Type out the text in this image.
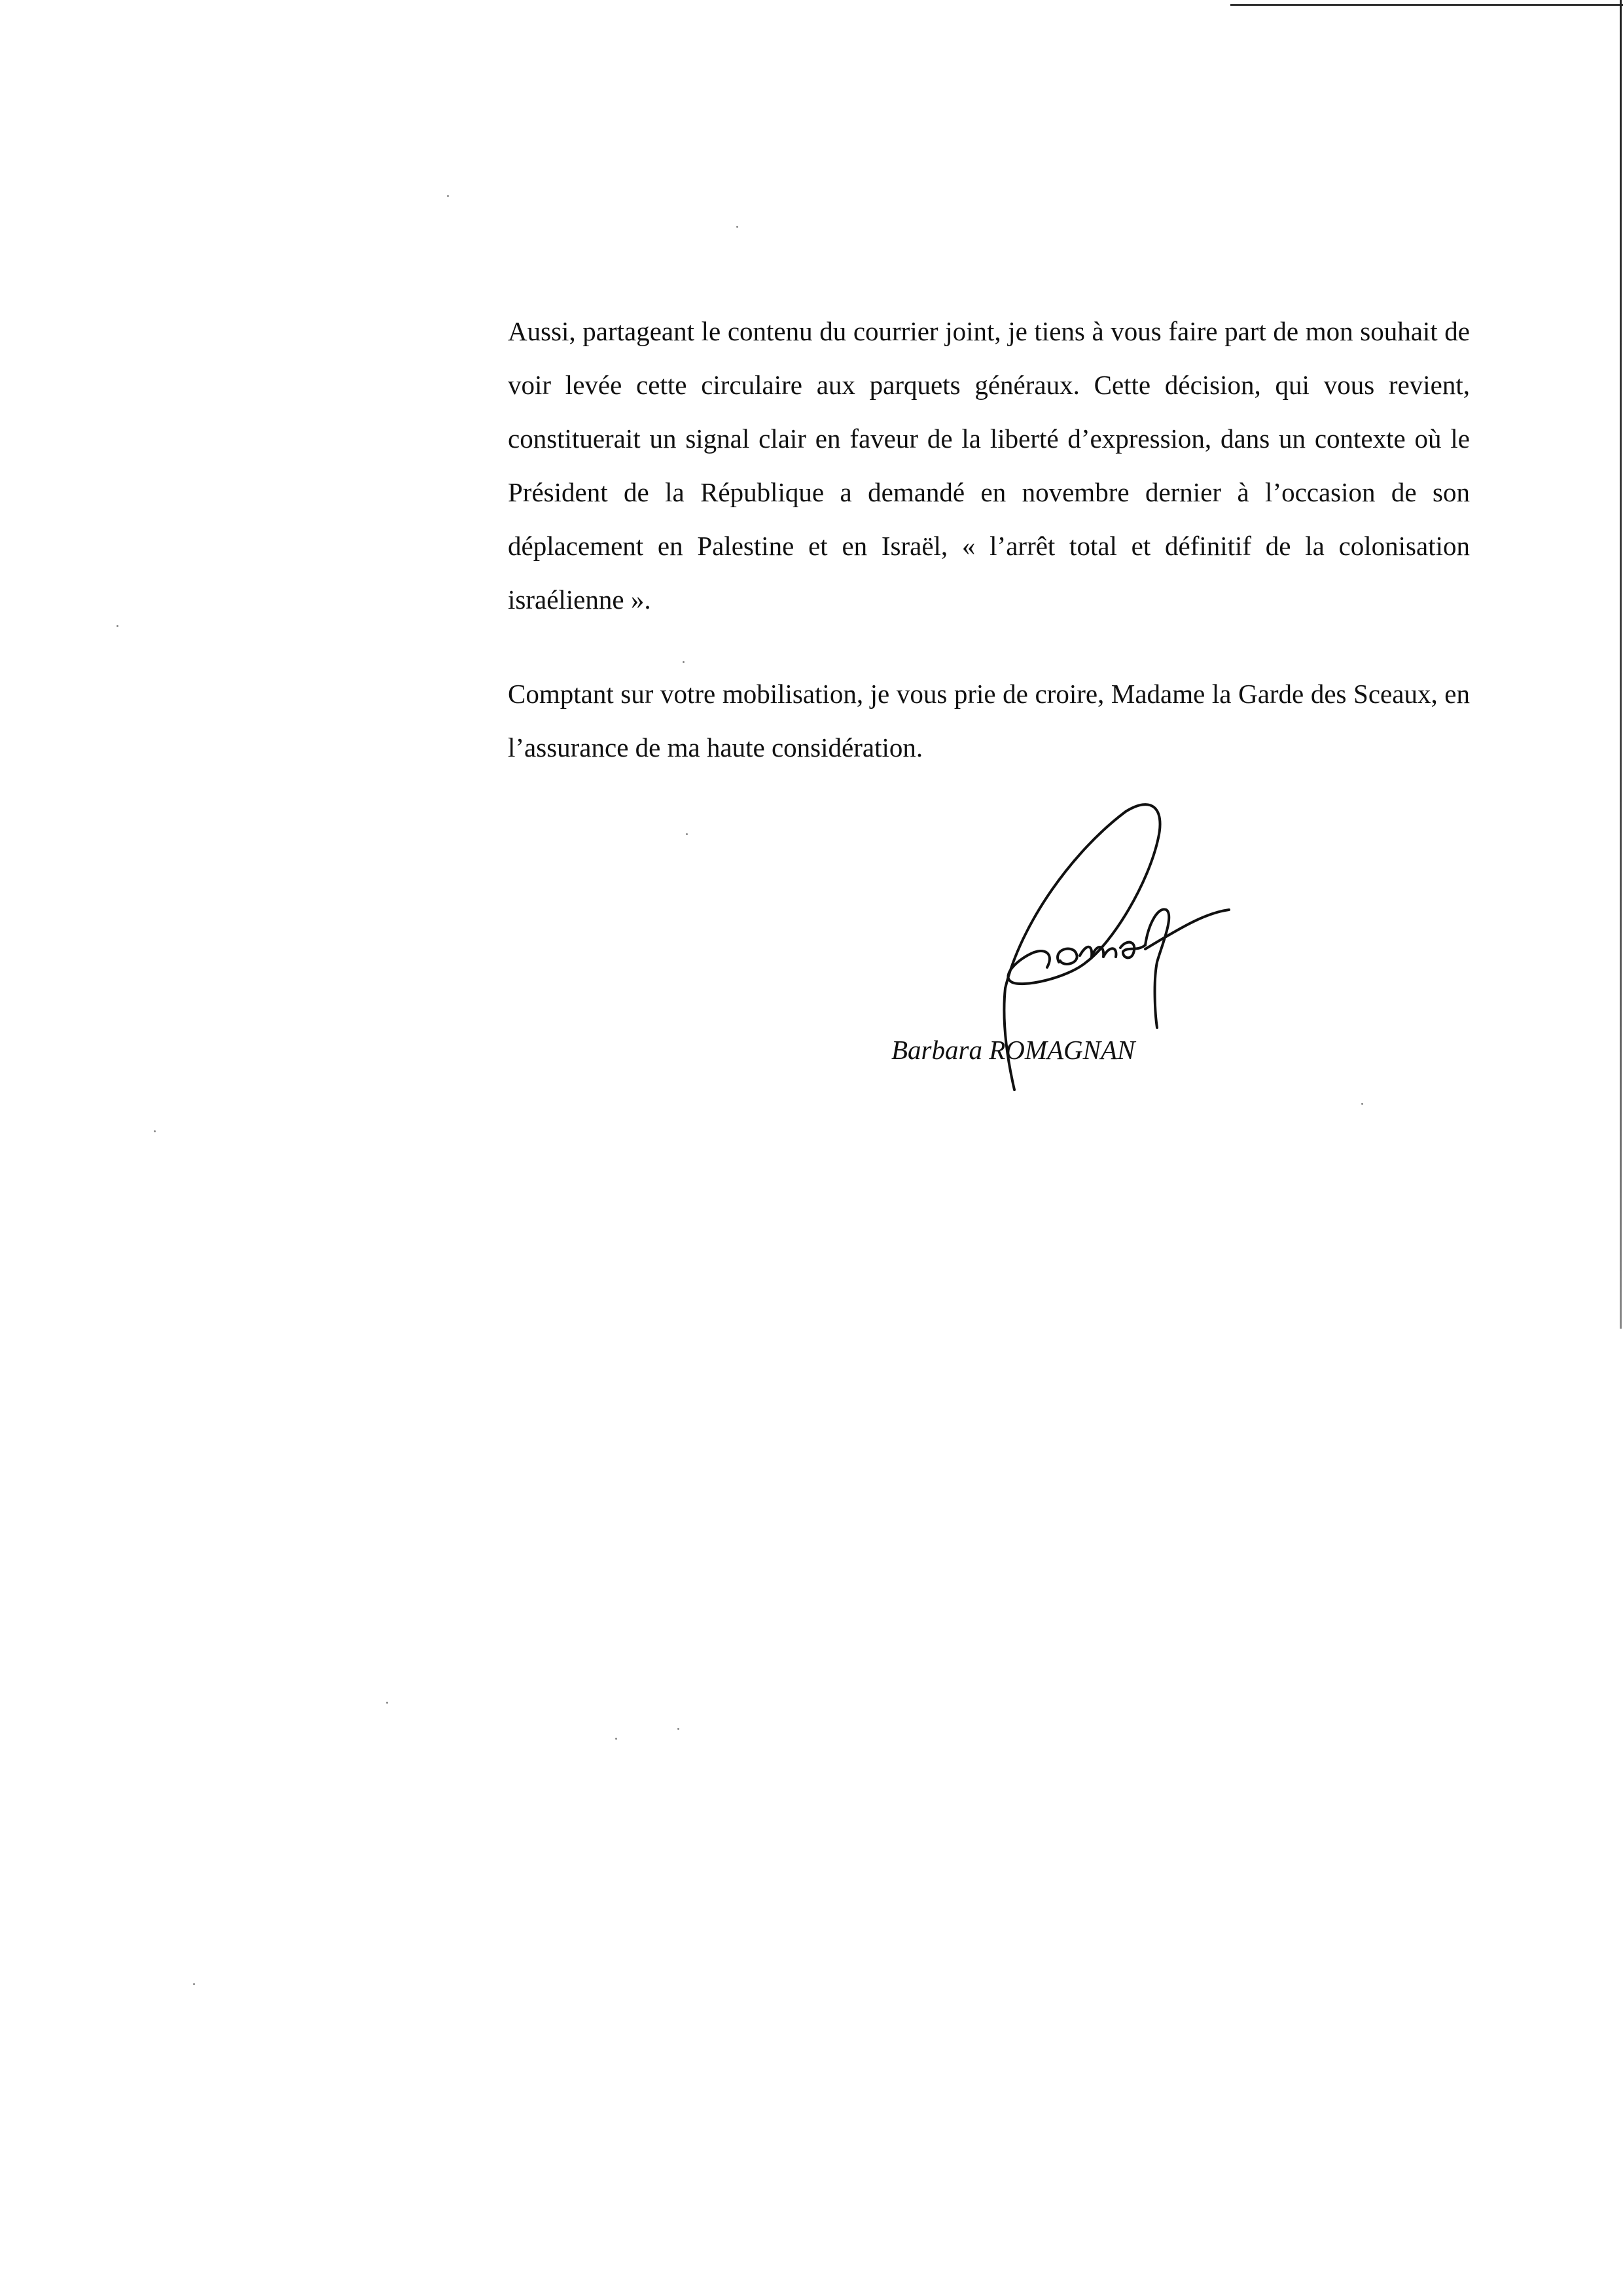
Aussi, partageant le contenu du courrier joint, je tiens à vous faire part de mon souhait de voir levée cette circulaire aux parquets généraux. Cette décision, qui vous revient, constituerait un signal clair en faveur de la liberté d’expression, dans un contexte où le Président de la République a demandé en novembre dernier à l’occasion de son déplacement en Palestine et en Israël, « l’arrêt total et définitif de la colonisation israélienne ».

Comptant sur votre mobilisation, je vous prie de croire, Madame la Garde des Sceaux, en l’assurance de ma haute considération.

Barbara ROMAGNAN
